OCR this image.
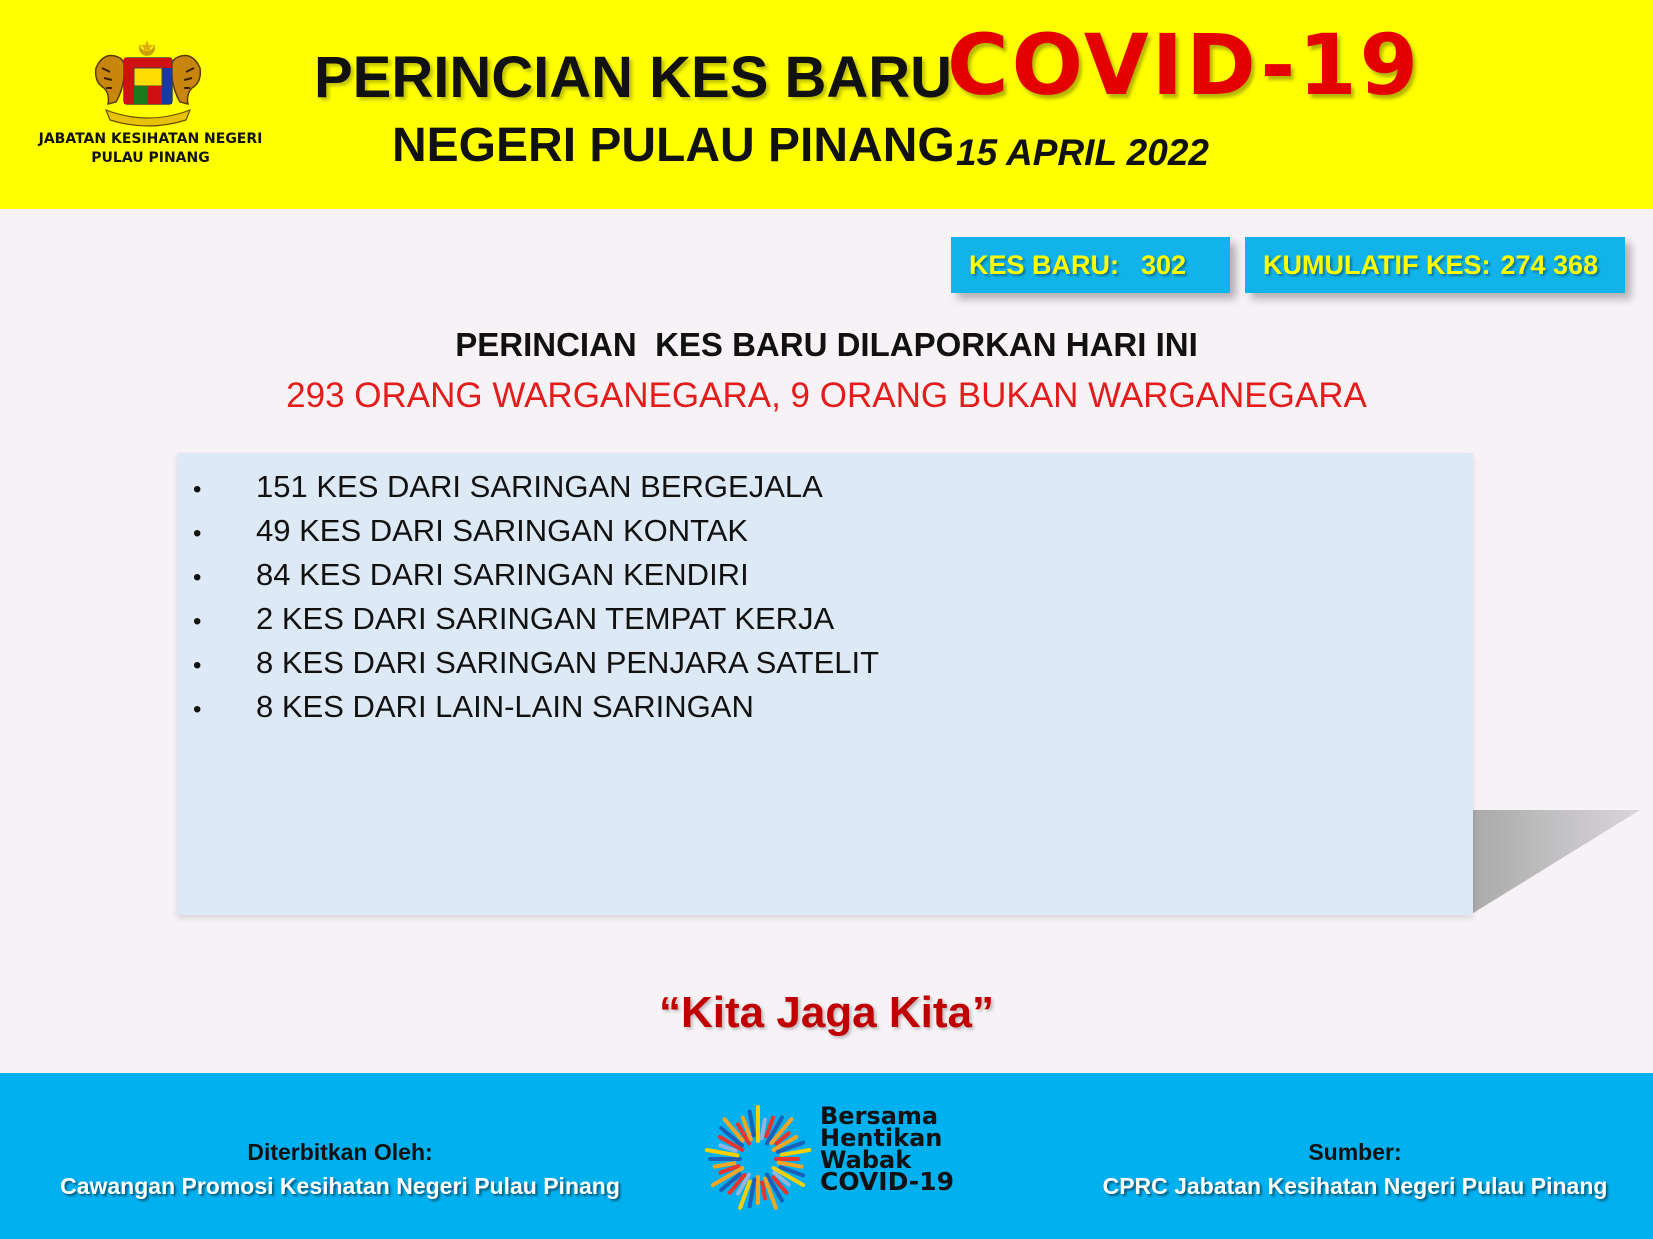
JABATAN KESIHATAN NEGERI
PULAU PINANG
PERINCIAN KES BARU
COVID-19
NEGERI PULAU PINANG 15 APRIL 2022
KES BARU: 302	KUMULATIF KES: 274 368
PERINCIAN  KES BARU DILAPORKAN HARI INI
293 ORANG WARGANEGARA, 9 ORANG BUKAN WARGANEGARA
• 151 KES DARI SARINGAN BERGEJALA
• 49 KES DARI SARINGAN KONTAK
• 84 KES DARI SARINGAN KENDIRI
• 2 KES DARI SARINGAN TEMPAT KERJA
• 8 KES DARI SARINGAN PENJARA SATELIT
• 8 KES DARI LAIN-LAIN SARINGAN
“Kita Jaga Kita”
Diterbitkan Oleh:
Cawangan Promosi Kesihatan Negeri Pulau Pinang
Bersama
Hentikan
Wabak
COVID-19
Sumber:
CPRC Jabatan Kesihatan Negeri Pulau Pinang
